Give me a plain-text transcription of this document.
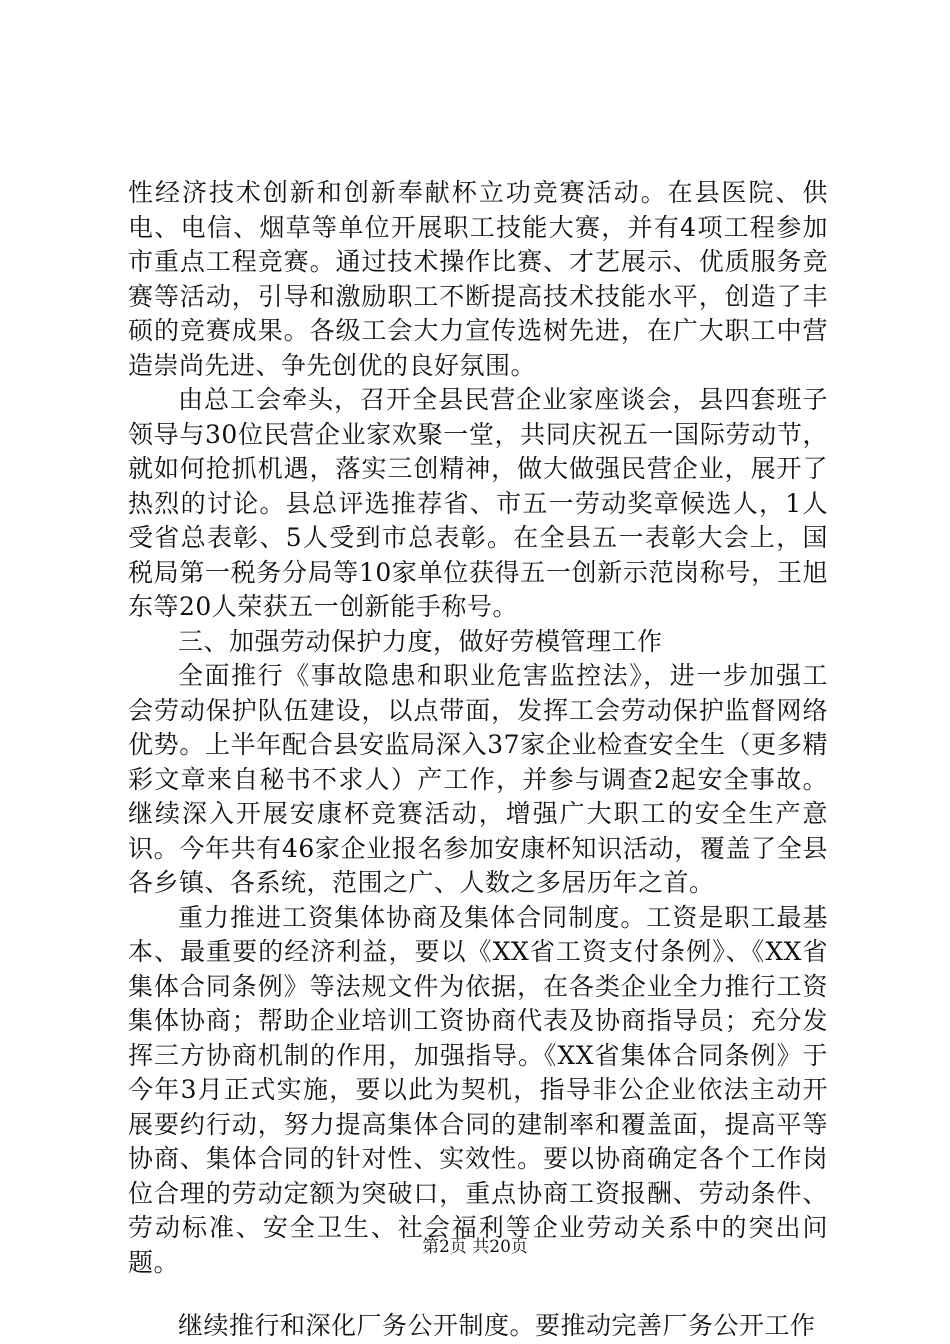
性经济技术创新和创新奉献杯立功竞赛活动。在县医院、供电、电信、烟草等单位开展职工技能大赛，并有4项工程参加市重点工程竞赛。通过技术操作比赛、才艺展示、优质服务竞赛等活动，引导和激励职工不断提高技术技能水平，创造了丰硕的竞赛成果。各级工会大力宣传选树先进，在广大职工中营造崇尚先进、争先创优的良好氛围。

由总工会牵头，召开全县民营企业家座谈会，县四套班子领导与30位民营企业家欢聚一堂，共同庆祝五一国际劳动节，就如何抢抓机遇，落实三创精神，做大做强民营企业，展开了热烈的讨论。县总评选推荐省、市五一劳动奖章候选人，1人受省总表彰、5人受到市总表彰。在全县五一表彰大会上，国税局第一税务分局等10家单位获得五一创新示范岗称号，王旭东等20人荣获五一创新能手称号。

三、加强劳动保护力度，做好劳模管理工作

全面推行《事故隐患和职业危害监控法》，进一步加强工会劳动保护队伍建设，以点带面，发挥工会劳动保护监督网络优势。上半年配合县安监局深入37家企业检查安全生（更多精彩文章来自秘书不求人）产工作，并参与调查2起安全事故。继续深入开展安康杯竞赛活动，增强广大职工的安全生产意识。今年共有46家企业报名参加安康杯知识活动，覆盖了全县各乡镇、各系统，范围之广、人数之多居历年之首。

重力推进工资集体协商及集体合同制度。工资是职工最基本、最重要的经济利益，要以《XX省工资支付条例》、《XX省集体合同条例》等法规文件为依据，在各类企业全力推行工资集体协商；帮助企业培训工资协商代表及协商指导员；充分发挥三方协商机制的作用，加强指导。《XX省集体合同条例》于今年3月正式实施，要以此为契机，指导非公企业依法主动开展要约行动，努力提高集体合同的建制率和覆盖面，提高平等协商、集体合同的针对性、实效性。要以协商确定各个工作岗位合理的劳动定额为突破口，重点协商工资报酬、劳动条件、劳动标准、安全卫生、社会福利等企业劳动关系中的突出问题。

继续推行和深化厂务公开制度。要推动完善厂务公开工作

第2页 共20页
